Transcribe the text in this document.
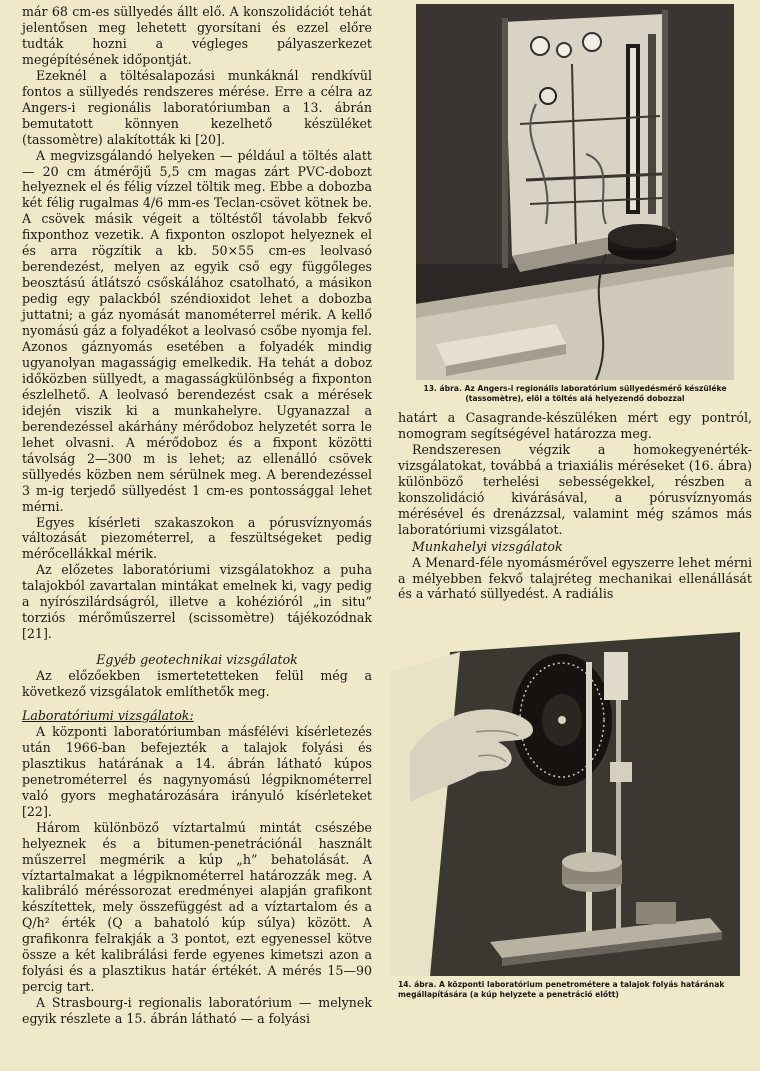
már 68 cm-es süllyedés állt elő. A konszolidációt tehát jelentősen meg lehetett gyorsítani és ezzel előre tudták hozni a végleges pályaszerkezet megépítésének időpontját.

Ezeknél a töltésalapozási munkáknál rendkívül fontos a süllyedés rendszeres mérése. Erre a célra az Angers-i regionális laboratóriumban a 13. ábrán bemutatott könnyen kezelhető készüléket (tassomètre) alakították ki [20].

A megvizsgálandó helyeken — például a töltés alatt — 20 cm átmérőjű 5,5 cm magas zárt PVC-dobozt helyeznek el és félig vízzel töltik meg. Ebbe a dobozba két félig rugalmas 4/6 mm-es Teclan-csövet kötnek be. A csövek másik végeit a töltéstől távolabb fekvő fixponthoz vezetik. A fixponton oszlopot helyeznek el és arra rögzítik a kb. 50×55 cm-es leolvasó berendezést, melyen az egyik cső egy függőleges beosztású átlátszó csőskálához csatolható, a másikon pedig egy palackból széndioxidot lehet a dobozba juttatni; a gáz nyomását manométerrel mérik. A kellő nyomású gáz a folyadékot a leolvasó csőbe nyomja fel. Azonos gáznyomás esetében a folyadék mindig ugyanolyan magasságig emelkedik. Ha tehát a doboz időközben süllyedt, a magasságkülönbség a fixponton észlelhető. A leolvasó berendezést csak a mérések idején viszik ki a munkahelyre. Ugyanazzal a berendezéssel akárhány mérődoboz helyzetét sorra le lehet olvasni. A mérődoboz és a fixpont közötti távolság 2—300 m is lehet; az ellenálló csövek süllyedés közben nem sérülnek meg. A berendezéssel 3 m-ig terjedő süllyedést 1 cm-es pontossággal lehet mérni.

Egyes kísérleti szakaszokon a pórusvíznyomás változását piezométerrel, a feszültségeket pedig mérőcellákkal mérik.

Az előzetes laboratóriumi vizsgálatokhoz a puha talajokból zavartalan mintákat emelnek ki, vagy pedig a nyírószilárdságról, illetve a kohézióról „in situ” torziós mérőműszerrel (scissomètre) tájékozódnak [21].

Egyéb geotechnikai vizsgálatok

Az előzőekben ismertetetteken felül még a következő vizsgálatok említhetők meg.

Laboratóriumi vizsgálatok:

A központi laboratóriumban másfélévi kísérletezés után 1966-ban befejezték a talajok folyási és plasztikus határának a 14. ábrán látható kúpos penetrométerrel és nagynyomású légpiknométerrel való gyors meghatározására irányuló kísérleteket [22].

Három különböző víztartalmú mintát csészébe helyeznek és a bitumen-penetrációnál használt műszerrel megmérik a kúp „h” behatolását. A víztartalmakat a légpiknométerrel határozzák meg. A kalibráló méréssorozat eredményei alapján grafikont készítettek, mely összefüggést ad a víztartalom és a Q/h² érték (Q a bahatoló kúp súlya) között. A grafikonra felrakják a 3 pontot, ezt egyenessel kötve össze a két kalibrálási ferde egyenes kimetszi azon a folyási és a plasztikus határ értékét. A mérés 15—90 percig tart.

A Strasbourg-i regionalis laboratórium — melynek egyik részlete a 15. ábrán látható — a folyási

13. ábra. Az Angers-i regionális laboratórium süllyedésmérő készüléke (tassomètre), elöl a töltés alá helyezendő dobozzal

határt a Casagrande-készüléken mért egy pontról, nomogram segítségével határozza meg.

Rendszeresen végzik a homokegyenérték-vizsgálatokat, továbbá a triaxiális méréseket (16. ábra) különböző terhelési sebességekkel, részben a konszolidáció kivárásával, a pórusvíznyomás mérésével és drenázzsal, valamint még számos más laboratóriumi vizsgálatot.

Munkahelyi vizsgálatok

A Menard-féle nyomásmérővel egyszerre lehet mérni a mélyebben fekvő talajréteg mechanikai ellenállását és a várható süllyedést. A radiális

14. ábra. A központi laboratórium penetrométere a talajok folyás határának megállapítására (a kúp helyzete a penetráció előtt)
